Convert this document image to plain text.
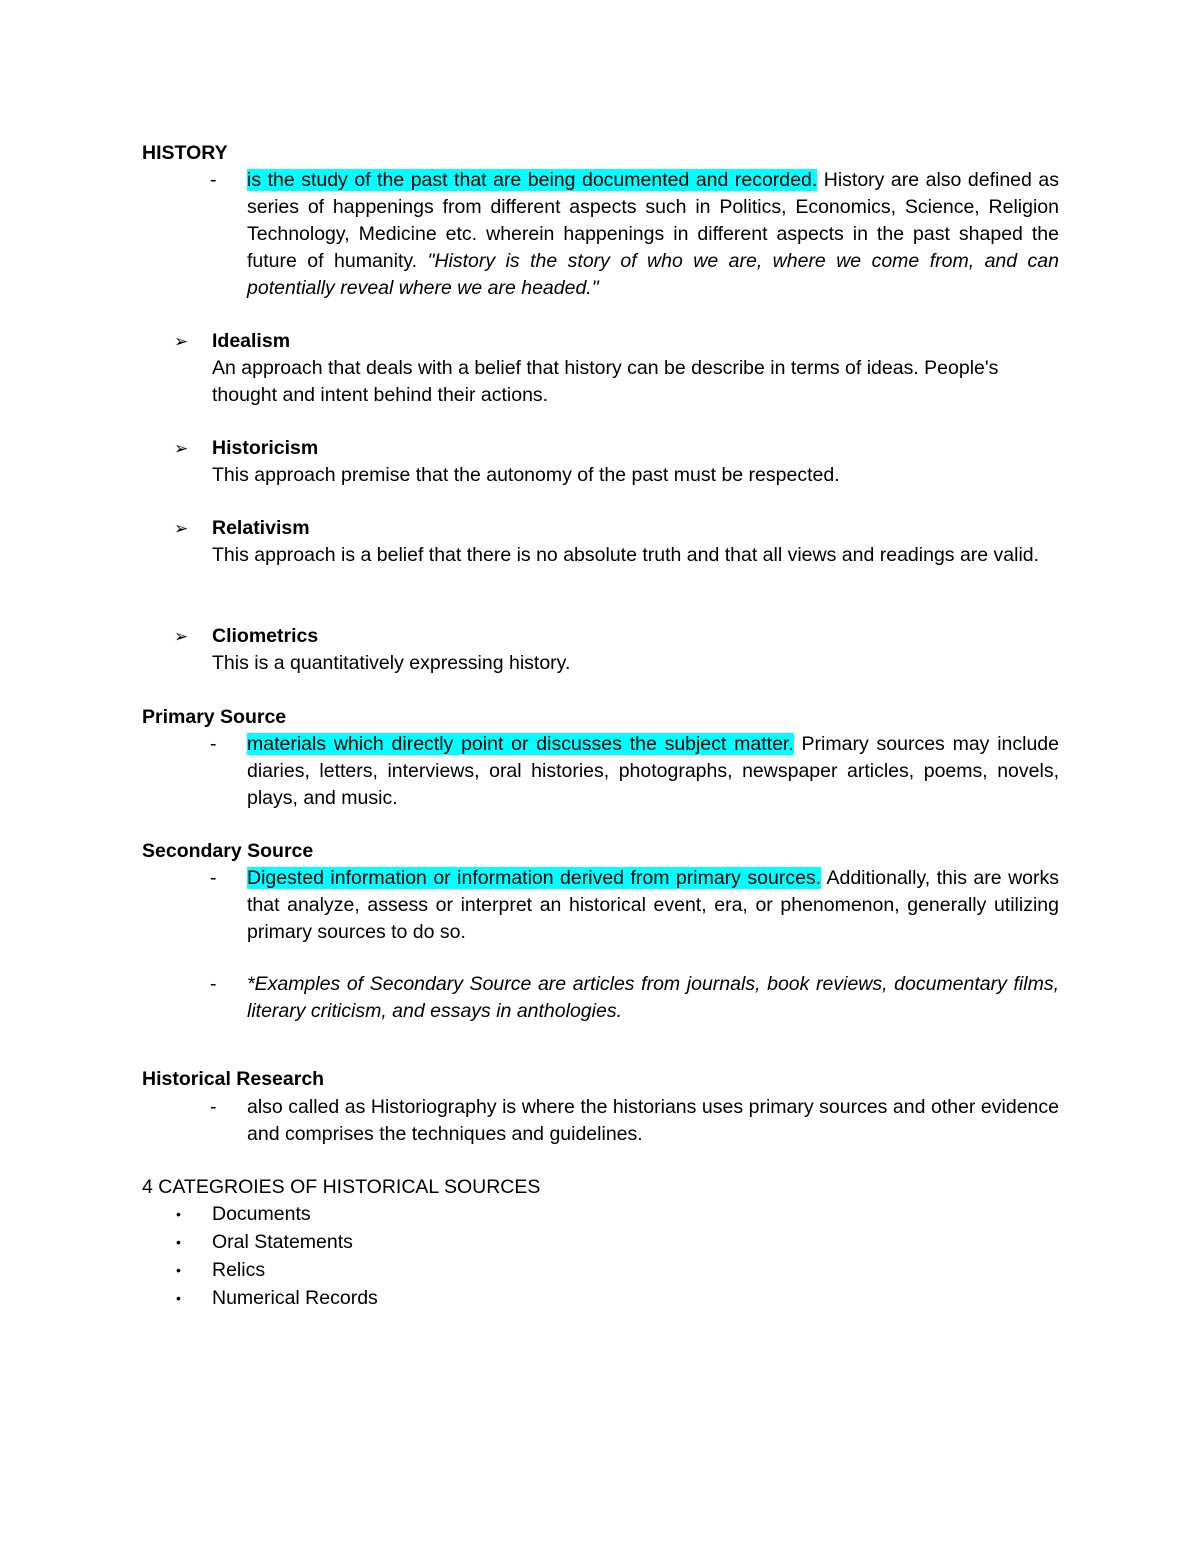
HISTORY
- is the study of the past that are being documented and recorded. History are also defined as series of happenings from different aspects such in Politics, Economics, Science, Religion Technology, Medicine etc. wherein happenings in different aspects in the past shaped the future of humanity. "History is the story of who we are, where we come from, and can potentially reveal where we are headed."
➢ Idealism
An approach that deals with a belief that history can be describe in terms of ideas. People's thought and intent behind their actions.
➢ Historicism
This approach premise that the autonomy of the past must be respected.
➢ Relativism
This approach is a belief that there is no absolute truth and that all views and readings are valid.
➢ Cliometrics
This is a quantitatively expressing history.
Primary Source
- materials which directly point or discusses the subject matter. Primary sources may include diaries, letters, interviews, oral histories, photographs, newspaper articles, poems, novels, plays, and music.
Secondary Source
- Digested information or information derived from primary sources. Additionally, this are works that analyze, assess or interpret an historical event, era, or phenomenon, generally utilizing primary sources to do so.
- *Examples of Secondary Source are articles from journals, book reviews, documentary films, literary criticism, and essays in anthologies.
Historical Research
- also called as Historiography is where the historians uses primary sources and other evidence and comprises the techniques and guidelines.
4 CATEGROIES OF HISTORICAL SOURCES
• Documents
• Oral Statements
• Relics
• Numerical Records
